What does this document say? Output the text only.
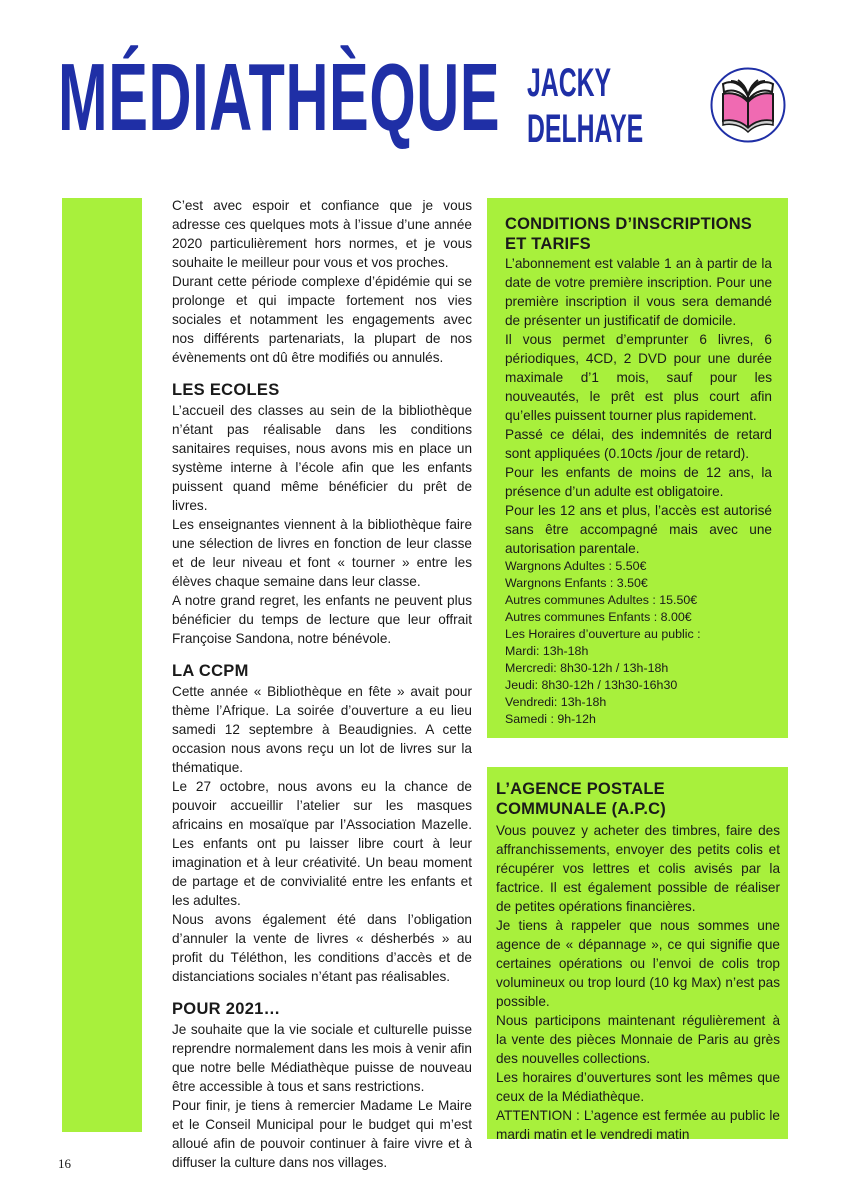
MÉDIATHÈQUE JACKY
DELHAYE

C’est avec espoir et confiance que je vous adresse ces quelques mots à l’issue d’une année 2020 particulièrement hors normes, et je vous souhaite le meilleur pour vous et vos proches.

Durant cette période complexe d’épidémie qui se prolonge et qui impacte fortement nos vies sociales et notamment les engagements avec nos différents partenariats, la plupart de nos évènements ont dû être modifiés ou annulés.

LES ECOLES

L’accueil des classes au sein de la bibliothèque n’étant pas réalisable dans les conditions sanitaires requises, nous avons mis en place un système interne à l’école afin que les enfants puissent quand même bénéficier du prêt de livres.

Les enseignantes viennent à la bibliothèque faire une sélection de livres en fonction de leur classe et de leur niveau et font « tourner » entre les élèves chaque semaine dans leur classe.

A notre grand regret, les enfants ne peuvent plus bénéficier du temps de lecture que leur offrait Françoise Sandona, notre bénévole.

LA CCPM

Cette année « Bibliothèque en fête » avait pour thème l’Afrique. La soirée d’ouverture a eu lieu samedi 12 septembre à Beaudignies. A cette occasion nous avons reçu un lot de livres sur la thématique.

Le 27 octobre, nous avons eu la chance de pouvoir accueillir l’atelier sur les masques africains en mosaïque par l’Association Mazelle. Les enfants ont pu laisser libre court à leur imagination et à leur créativité. Un beau moment de partage et de convivialité entre les enfants et les adultes.

Nous avons également été dans l’obligation d’annuler la vente de livres « désherbés » au profit du Téléthon, les conditions d’accès et de distanciations sociales n’étant pas réalisables.

POUR 2021…

Je souhaite que la vie sociale et culturelle puisse reprendre normalement dans les mois à venir afin que notre belle Médiathèque puisse de nouveau être accessible à tous et sans restrictions.

Pour finir, je tiens à remercier Madame Le Maire et le Conseil Municipal pour le budget qui m’est alloué afin de pouvoir continuer à faire vivre et à diffuser la culture dans nos villages.

CONDITIONS D’INSCRIPTIONS ET TARIFS

L’abonnement est valable 1 an à partir de la date de votre première inscription. Pour une première inscription il vous sera demandé de présenter un justificatif de domicile.

Il vous permet d’emprunter 6 livres, 6 périodiques, 4CD, 2 DVD pour une durée maximale d’1 mois, sauf pour les nouveautés, le prêt est plus court afin qu’elles puissent tourner plus rapidement.

Passé ce délai, des indemnités de retard sont appliquées (0.10cts /jour de retard).

Pour les enfants de moins de 12 ans, la présence d’un adulte est obligatoire.

Pour les 12 ans et plus, l’accès est autorisé sans être accompagné mais avec une autorisation parentale.

Wargnons Adultes : 5.50€
Wargnons Enfants : 3.50€
Autres communes Adultes : 15.50€
Autres communes Enfants : 8.00€
Les Horaires d’ouverture au public :
Mardi: 13h-18h
Mercredi: 8h30-12h / 13h-18h
Jeudi: 8h30-12h / 13h30-16h30
Vendredi: 13h-18h
Samedi : 9h-12h
L’AGENCE POSTALE COMMUNALE (A.P.C)

Vous pouvez y acheter des timbres, faire des affranchissements, envoyer des petits colis et récupérer vos lettres et colis avisés par la factrice. Il est également possible de réaliser de petites opérations financières.

Je tiens à rappeler que nous sommes une agence de « dépannage », ce qui signifie que certaines opérations ou l’envoi de colis trop volumineux ou trop lourd (10 kg Max) n’est pas possible.

Nous participons maintenant régulièrement à la vente des pièces Monnaie de Paris au grès des nouvelles collections.

Les horaires d’ouvertures sont les mêmes que ceux de la Médiathèque.

ATTENTION : L’agence est fermée au public le mardi matin et le vendredi matin

16
